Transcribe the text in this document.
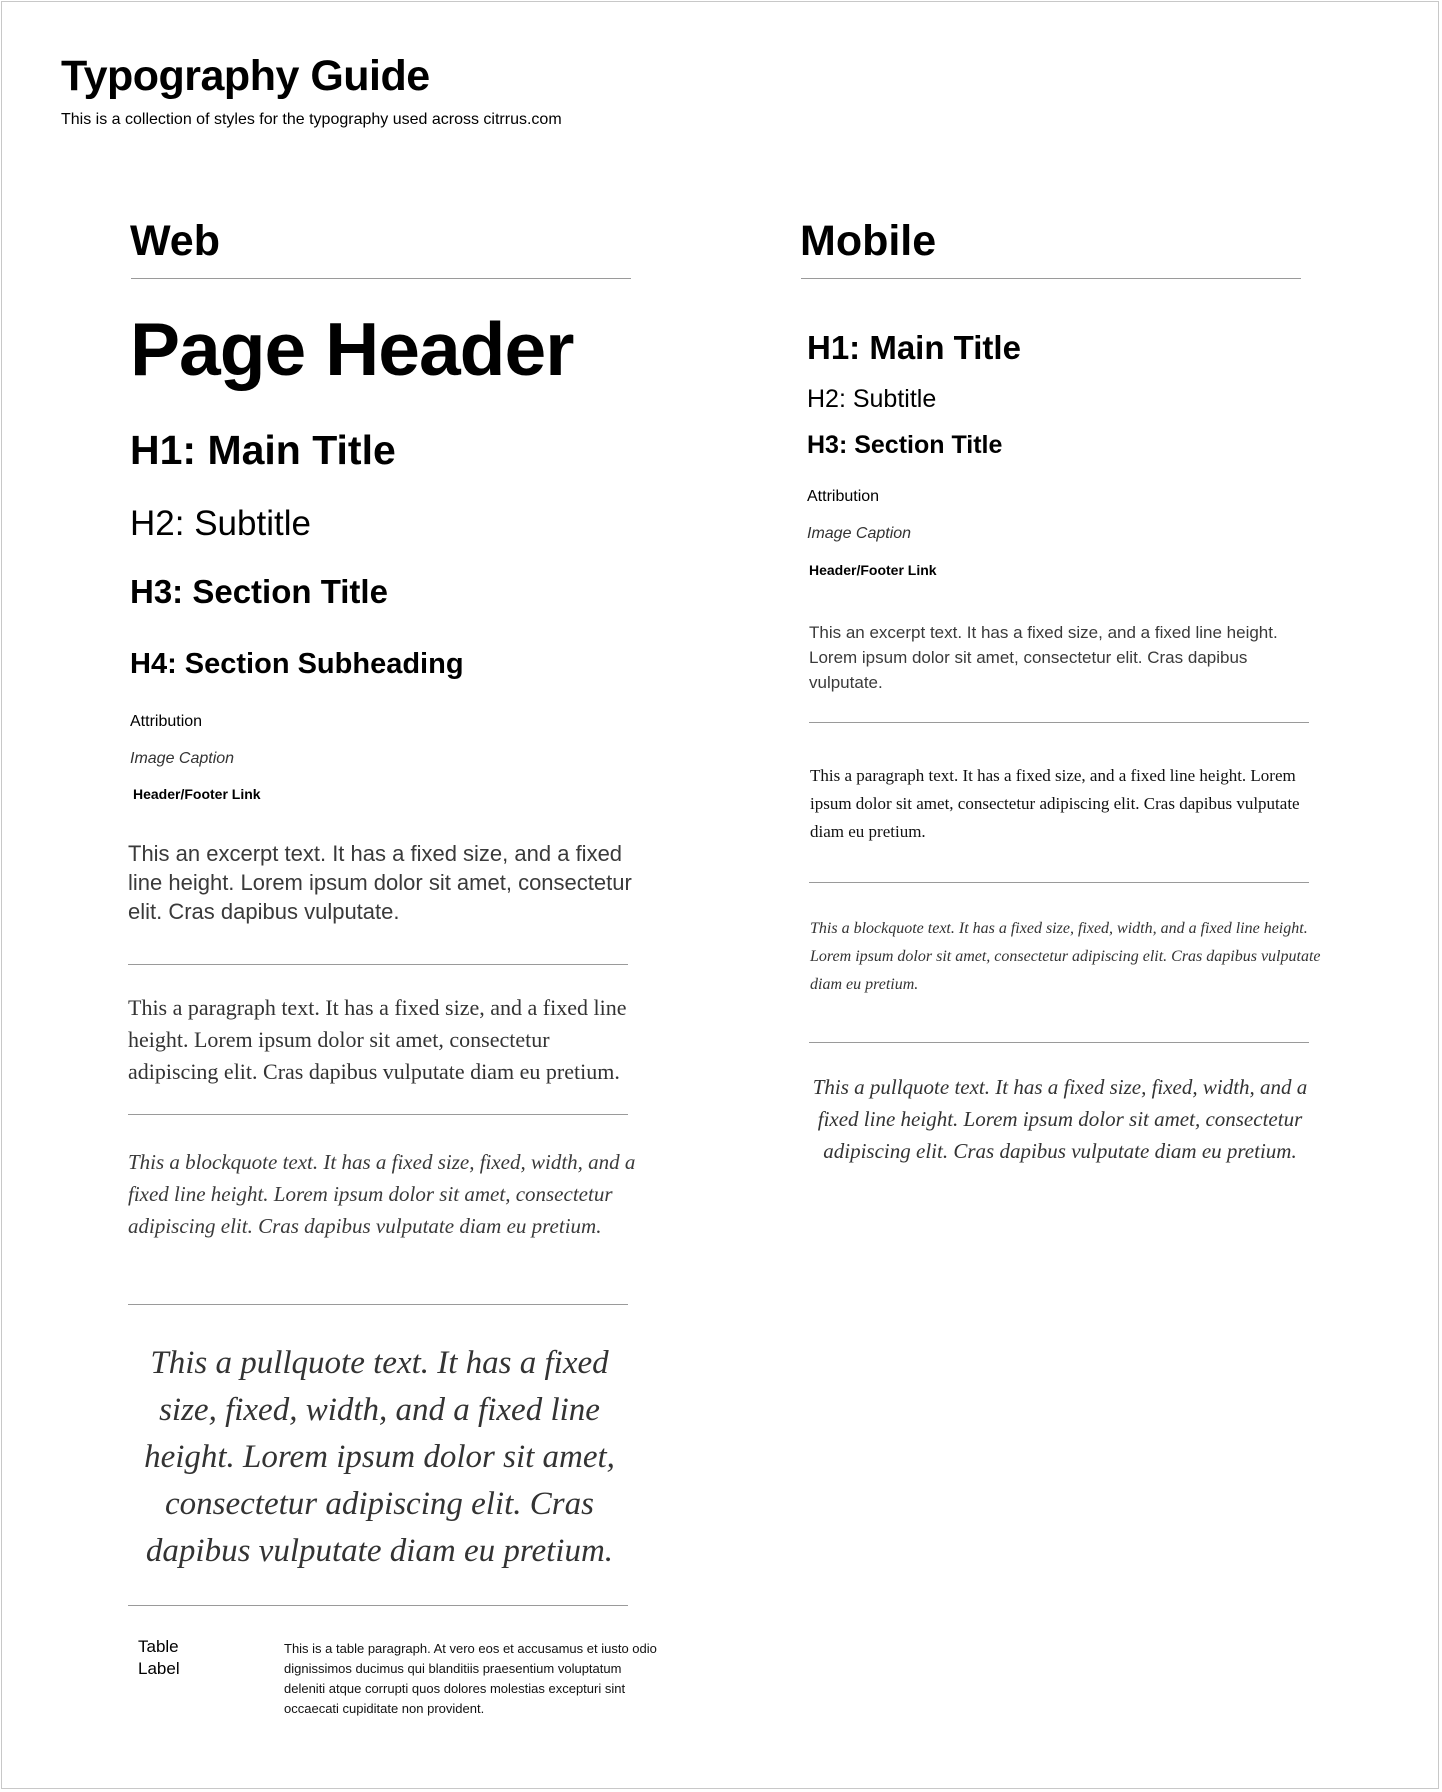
Typography Guide

This is a collection of styles for the typography used across citrrus.com

Web
Page Header
H1: Main Title
H2: Subtitle
H3: Section Title
H4: Section Subheading
Attribution
Image Caption
Header/Footer Link

This an excerpt text. It has a fixed size, and a fixed line height. Lorem ipsum dolor sit amet, consectetur elit. Cras dapibus vulputate.

This a paragraph text. It has a fixed size, and a fixed line height. Lorem ipsum dolor sit amet, consectetur adipiscing elit. Cras dapibus vulputate diam eu pretium.

This a blockquote text. It has a fixed size, fixed, width, and a fixed line height. Lorem ipsum dolor sit amet, consectetur adipiscing elit. Cras dapibus vulputate diam eu pretium.
This a pullquote text. It has a fixed size, fixed, width, and a fixed line height. Lorem ipsum dolor sit amet, consectetur adipiscing elit. Cras dapibus vulputate diam eu pretium.
Table Label

This is a table paragraph. At vero eos et accusamus et iusto odio dignissimos ducimus qui blanditiis praesentium voluptatum deleniti atque corrupti quos dolores molestias excepturi sint occaecati cupiditate non provident.

Mobile
H1: Main Title
H2: Subtitle
H3: Section Title
Attribution
Image Caption
Header/Footer Link

This an excerpt text. It has a fixed size, and a fixed line height. Lorem ipsum dolor sit amet, consectetur elit. Cras dapibus vulputate.

This a paragraph text. It has a fixed size, and a fixed line height. Lorem ipsum dolor sit amet, consectetur adipiscing elit. Cras dapibus vulputate diam eu pretium.

This a blockquote text. It has a fixed size, fixed, width, and a fixed line height. Lorem ipsum dolor sit amet, consectetur adipiscing elit. Cras dapibus vulputate diam eu pretium.
This a pullquote text. It has a fixed size, fixed, width, and a fixed line height. Lorem ipsum dolor sit amet, consectetur adipiscing elit. Cras dapibus vulputate diam eu pretium.
